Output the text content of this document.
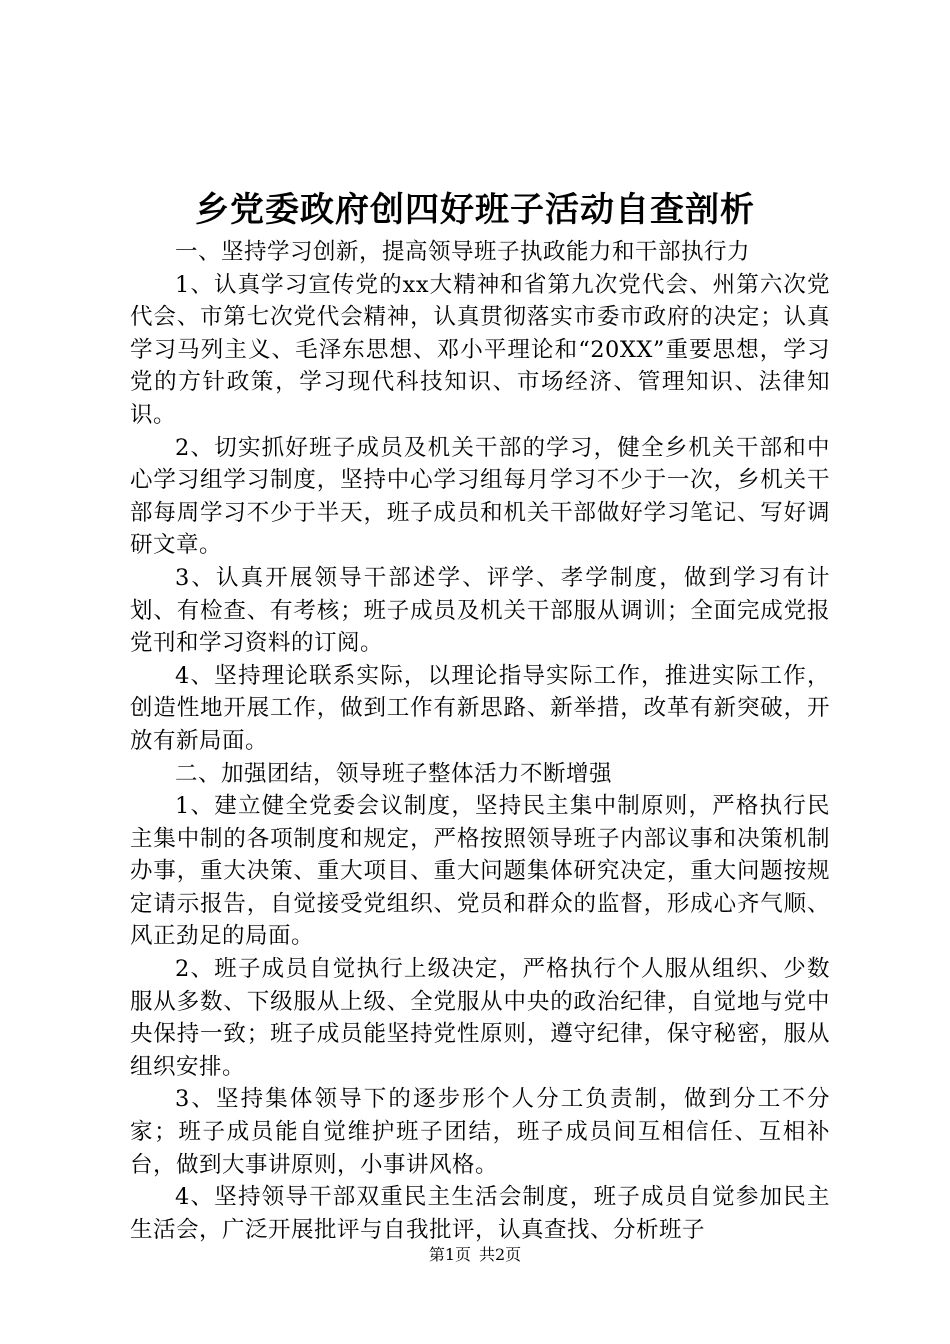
乡党委政府创四好班子活动自查剖析

一、坚持学习创新，提高领导班子执政能力和干部执行力

1、认真学习宣传党的xx大精神和省第九次党代会、州第六次党代会、市第七次党代会精神，认真贯彻落实市委市政府的决定；认真学习马列主义、毛泽东思想、邓小平理论和“20XX”重要思想，学习党的方针政策，学习现代科技知识、市场经济、管理知识、法律知识。

2、切实抓好班子成员及机关干部的学习，健全乡机关干部和中心学习组学习制度，坚持中心学习组每月学习不少于一次，乡机关干部每周学习不少于半天，班子成员和机关干部做好学习笔记、写好调研文章。

3、认真开展领导干部述学、评学、孝学制度，做到学习有计划、有检查、有考核；班子成员及机关干部服从调训；全面完成党报党刊和学习资料的订阅。

4、坚持理论联系实际，以理论指导实际工作，推进实际工作，创造性地开展工作，做到工作有新思路、新举措，改革有新突破，开放有新局面。

二、加强团结，领导班子整体活力不断增强

1、建立健全党委会议制度，坚持民主集中制原则，严格执行民主集中制的各项制度和规定，严格按照领导班子内部议事和决策机制办事，重大决策、重大项目、重大问题集体研究决定，重大问题按规定请示报告，自觉接受党组织、党员和群众的监督，形成心齐气顺、风正劲足的局面。

2、班子成员自觉执行上级决定，严格执行个人服从组织、少数服从多数、下级服从上级、全党服从中央的政治纪律，自觉地与党中央保持一致；班子成员能坚持党性原则，遵守纪律，保守秘密，服从组织安排。

3、坚持集体领导下的逐步形个人分工负责制，做到分工不分家；班子成员能自觉维护班子团结，班子成员间互相信任、互相补台，做到大事讲原则，小事讲风格。

4、坚持领导干部双重民主生活会制度，班子成员自觉参加民主生活会，广泛开展批评与自我批评，认真查找、分析班子

第1页 共2页
